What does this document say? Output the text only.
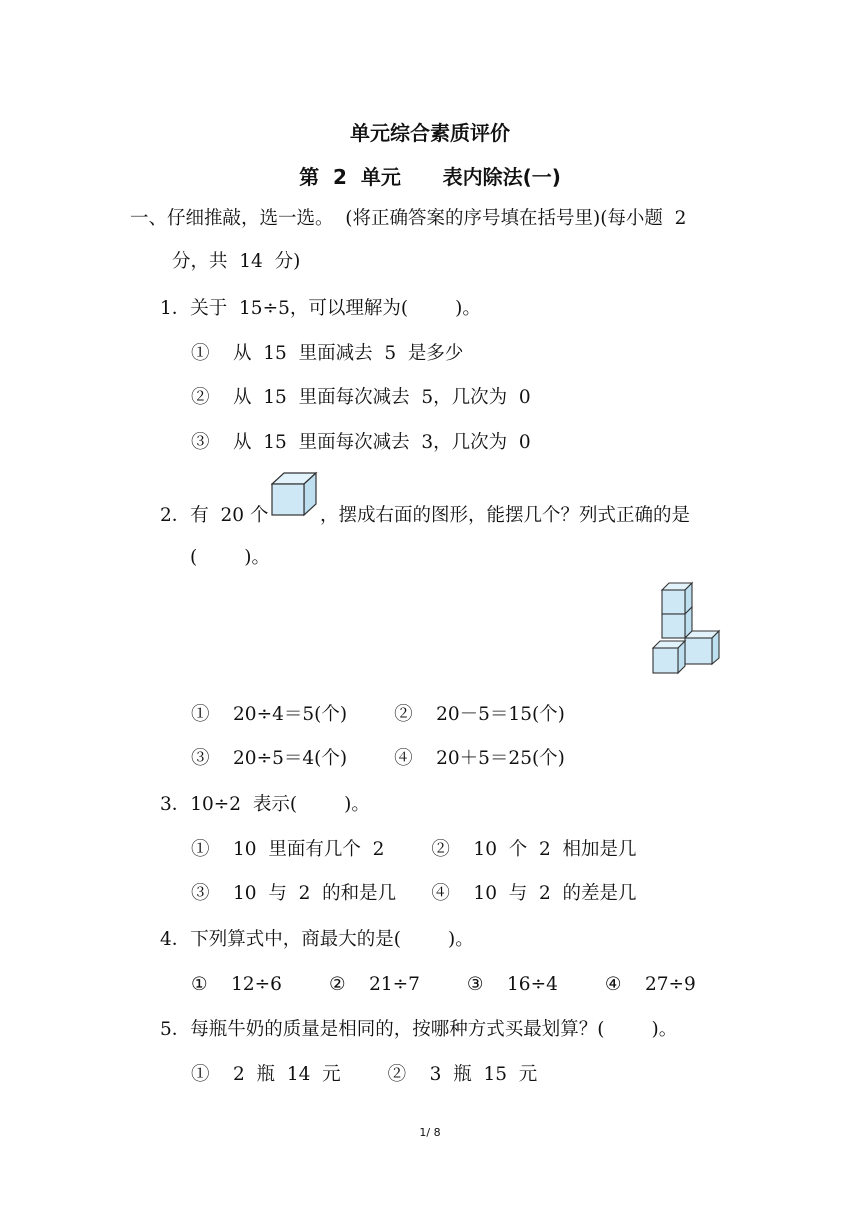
单元综合素质评价
第  2  单元      表内除法(一)
一、仔细推敲，选一选。  (将正确答案的序号填在括号里)(每小题  2
分，共  14  分)
1．关于  15÷5，可以理解为(        )。
①    从  15  里面减去  5  是多少
②    从  15  里面每次减去  5，几次为  0
③    从  15  里面每次减去  3，几次为  0
2．有  20 个	，摆成右面的图形，能摆几个？列式正确的是
(        )。
①    20÷4＝5(个)        ②    20－5＝15(个)
③    20÷5＝4(个)        ④    20＋5＝25(个)
3．10÷2  表示(        )。
①    10  里面有几个  2        ②    10  个  2  相加是几
③    10  与  2  的和是几      ④    10  与  2  的差是几
4．下列算式中，商最大的是(        )。
①    12÷6        ②    21÷7        ③    16÷4        ④    27÷9
5．每瓶牛奶的质量是相同的，按哪种方式买最划算？(        )。
①    2  瓶  14  元        ②    3  瓶  15  元
1/ 8
